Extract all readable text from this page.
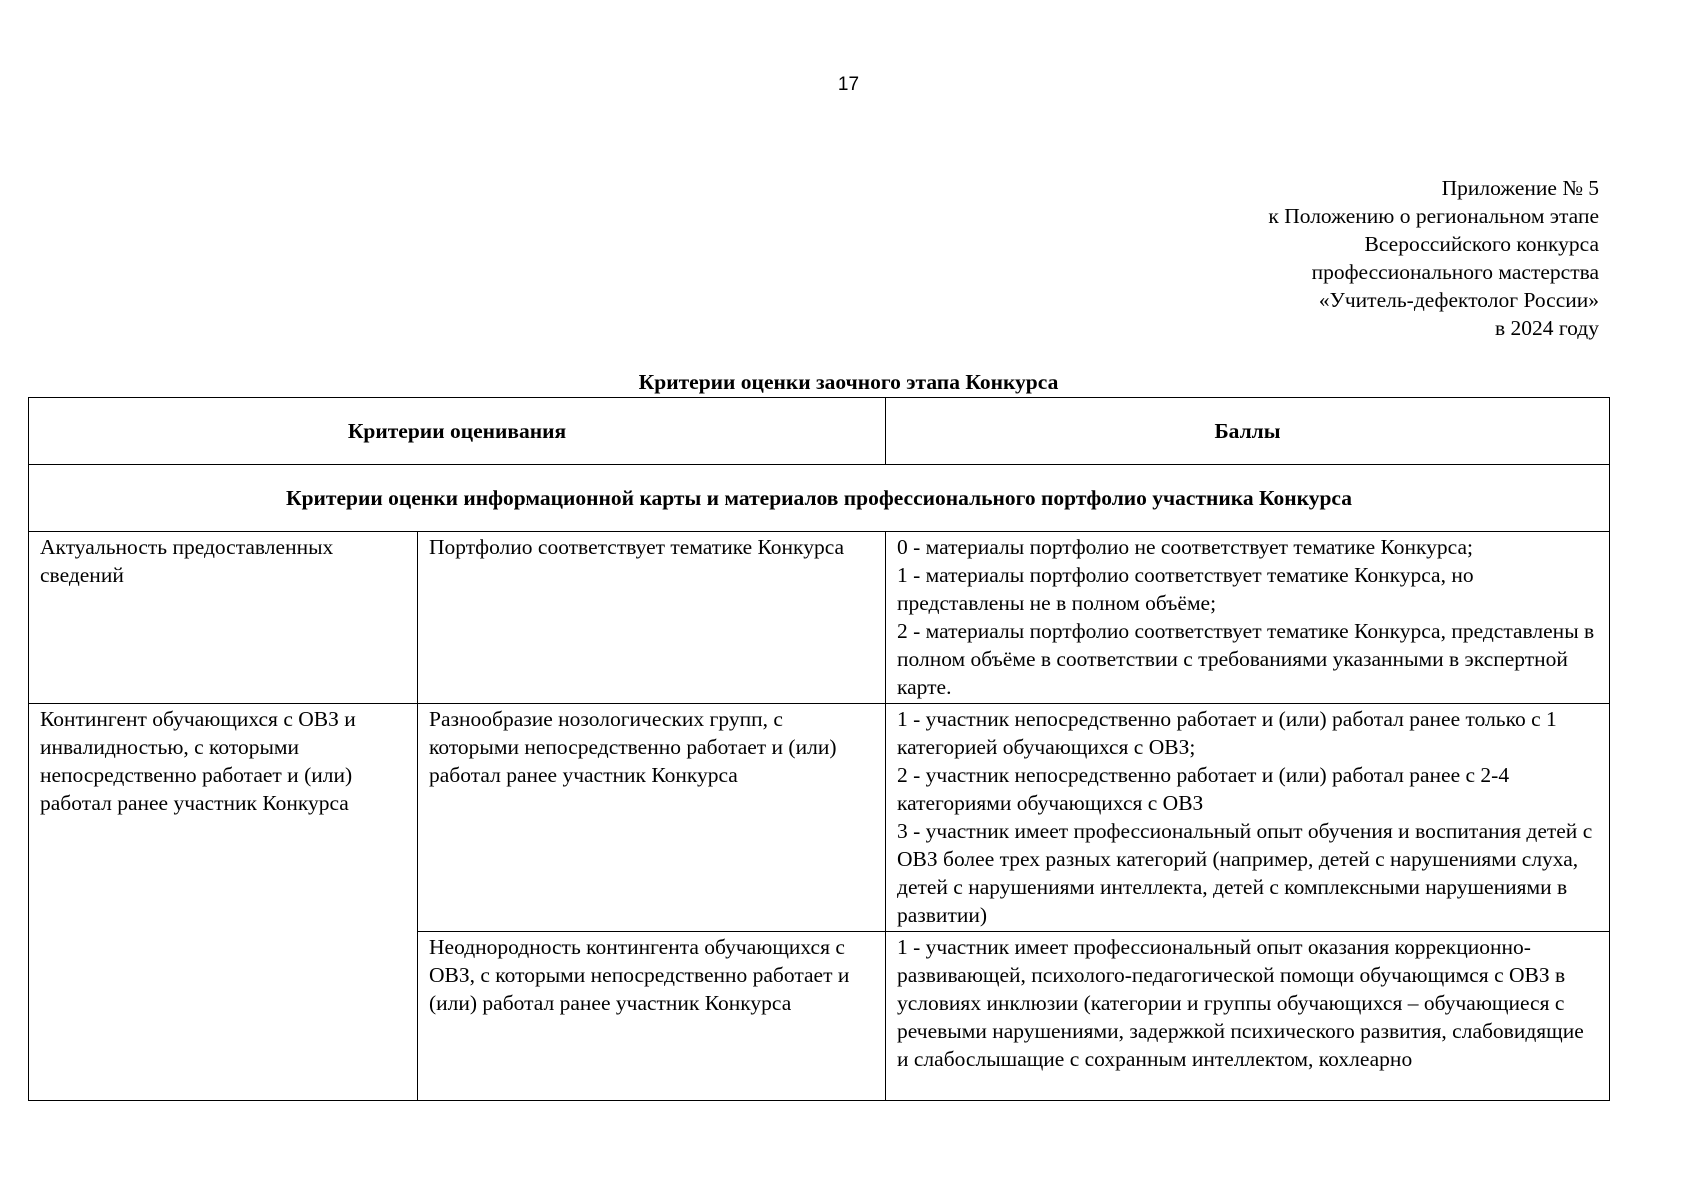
17
Приложение № 5
к Положению о региональном этапе
Всероссийского конкурса
профессионального мастерства
«Учитель-дефектолог России»
в 2024 году
Критерии оценки заочного этапа Конкурса
Критерии оценивания		Баллы
Критерии оценки информационной карты и материалов профессионального портфолио участника Конкурса		
Актуальность предоставленных сведений	Портфолио соответствует тематике Конкурса	0 - материалы портфолио не соответствует тематике Конкурса;
1 - материалы портфолио соответствует тематике Конкурса, но представлены не в полном объёме;
2 - материалы портфолио соответствует тематике Конкурса, представлены в полном объёме в соответствии с требованиями указанными в экспертной карте.

Контингент обучающихся с ОВЗ и инвалидностью, с которыми непосредственно работает и (или) работал ранее участник Конкурса	Разнообразие нозологических групп, с которыми непосредственно работает и (или) работал ранее участник Конкурса	1 - участник непосредственно работает и (или) работал ранее только с 1 категорией обучающихся с ОВЗ;
2 - участник непосредственно работает и (или) работал ранее с 2-4 категориями обучающихся с ОВЗ
3 - участник имеет профессиональный опыт обучения и воспитания детей с ОВЗ более трех разных категорий (например, детей с нарушениями слуха, детей с нарушениями интеллекта, детей с комплексными нарушениями в развитии)

	Неоднородность контингента обучающихся с ОВЗ, с которыми непосредственно работает и (или) работал ранее участник Конкурса	1 - участник имеет профессиональный опыт оказания коррекционно-развивающей, психолого-педагогической помощи обучающимся с ОВЗ в условиях инклюзии (категории и группы обучающихся – обучающиеся с речевыми нарушениями, задержкой психического развития, слабовидящие и слабослышащие с сохранным интеллектом, кохлеарно
